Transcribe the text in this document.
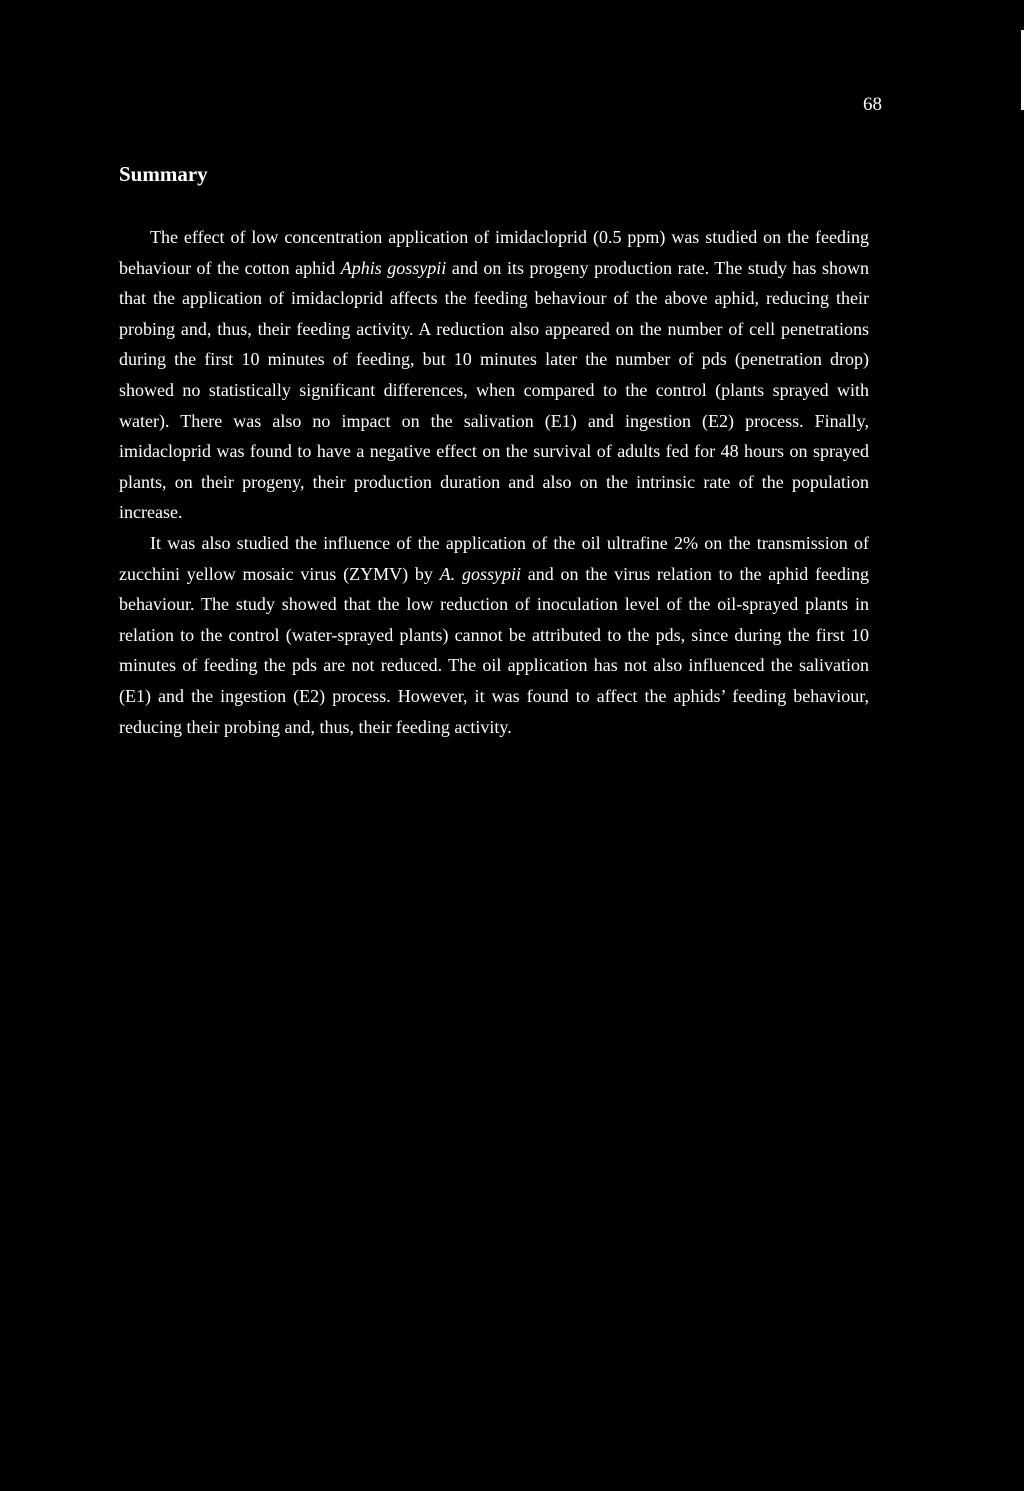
68
Summary

The effect of low concentration application of imidacloprid (0.5 ppm) was studied on the feeding behaviour of the cotton aphid Aphis gossypii and on its progeny production rate. The study has shown that the application of imidacloprid affects the feeding behaviour of the above aphid, reducing their probing and, thus, their feeding activity. A reduction also appeared on the number of cell penetrations during the first 10 minutes of feeding, but 10 minutes later the number of pds (penetration drop) showed no statistically significant differences, when compared to the control (plants sprayed with water). There was also no impact on the salivation (E1) and ingestion (E2) process. Finally, imidacloprid was found to have a negative effect on the survival of adults fed for 48 hours on sprayed plants, on their progeny, their production duration and also on the intrinsic rate of the population increase.

It was also studied the influence of the application of the oil ultrafine 2% on the transmission of zucchini yellow mosaic virus (ZYMV) by A. gossypii and on the virus relation to the aphid feeding behaviour. The study showed that the low reduction of inoculation level of the oil-sprayed plants in relation to the control (water-sprayed plants) cannot be attributed to the pds, since during the first 10 minutes of feeding the pds are not reduced. The oil application has not also influenced the salivation (E1) and the ingestion (E2) process. However, it was found to affect the aphids’ feeding behaviour, reducing their probing and, thus, their feeding activity.
